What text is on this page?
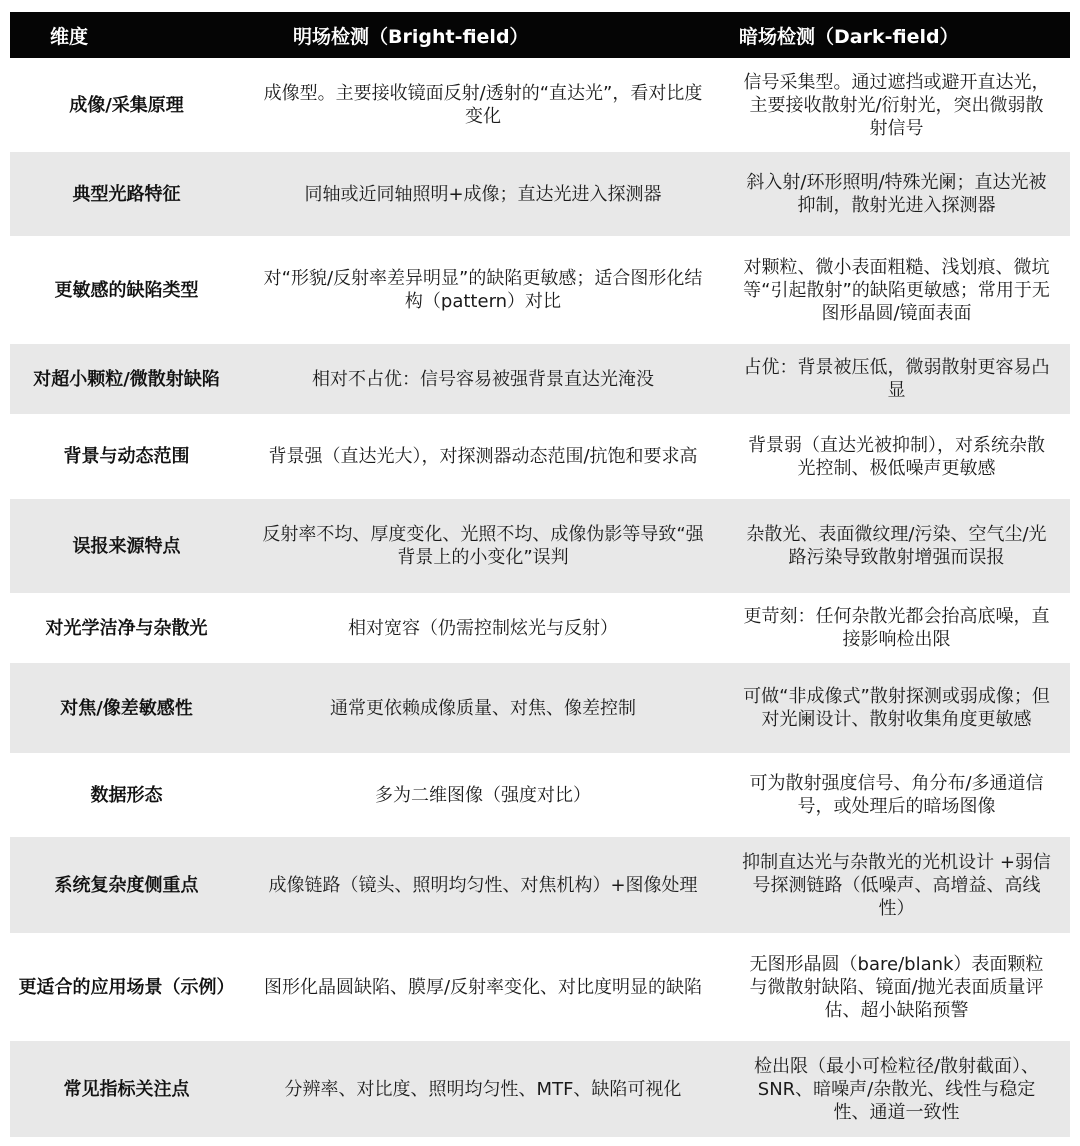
维度	明场检测（Bright-field）	暗场检测（Dark-field）
成像/采集原理	成像型。主要接收镜面反射/透射的“直达光”，看对比度变化	信号采集型。通过遮挡或避开直达光，主要接收散射光/衍射光，突出微弱散射信号
典型光路特征	同轴或近同轴照明+成像；直达光进入探测器	斜入射/环形照明/特殊光阑；直达光被抑制，散射光进入探测器
更敏感的缺陷类型	对“形貌/反射率差异明显”的缺陷更敏感；适合图形化结构（pattern）对比	对颗粒、微小表面粗糙、浅划痕、微坑等“引起散射”的缺陷更敏感；常用于无图形晶圆/镜面表面
对超小颗粒/微散射缺陷	相对不占优：信号容易被强背景直达光淹没	占优：背景被压低，微弱散射更容易凸显
背景与动态范围	背景强（直达光大），对探测器动态范围/抗饱和要求高	背景弱（直达光被抑制），对系统杂散光控制、极低噪声更敏感
误报来源特点	反射率不均、厚度变化、光照不均、成像伪影等导致“强背景上的小变化”误判	杂散光、表面微纹理/污染、空气尘/光路污染导致散射增强而误报
对光学洁净与杂散光	相对宽容（仍需控制炫光与反射）	更苛刻：任何杂散光都会抬高底噪，直接影响检出限
对焦/像差敏感性	通常更依赖成像质量、对焦、像差控制	可做“非成像式”散射探测或弱成像；但对光阑设计、散射收集角度更敏感
数据形态	多为二维图像（强度对比）	可为散射强度信号、角分布/多通道信号，或处理后的暗场图像
系统复杂度侧重点	成像链路（镜头、照明均匀性、对焦机构）+图像处理	抑制直达光与杂散光的光机设计 +弱信号探测链路（低噪声、高增益、高线性）
更适合的应用场景（示例）	图形化晶圆缺陷、膜厚/反射率变化、对比度明显的缺陷	无图形晶圆（bare/blank）表面颗粒与微散射缺陷、镜面/抛光表面质量评估、超小缺陷预警
常见指标关注点	分辨率、对比度、照明均匀性、MTF、缺陷可视化	检出限（最小可检粒径/散射截面）、SNR、暗噪声/杂散光、线性与稳定性、通道一致性
